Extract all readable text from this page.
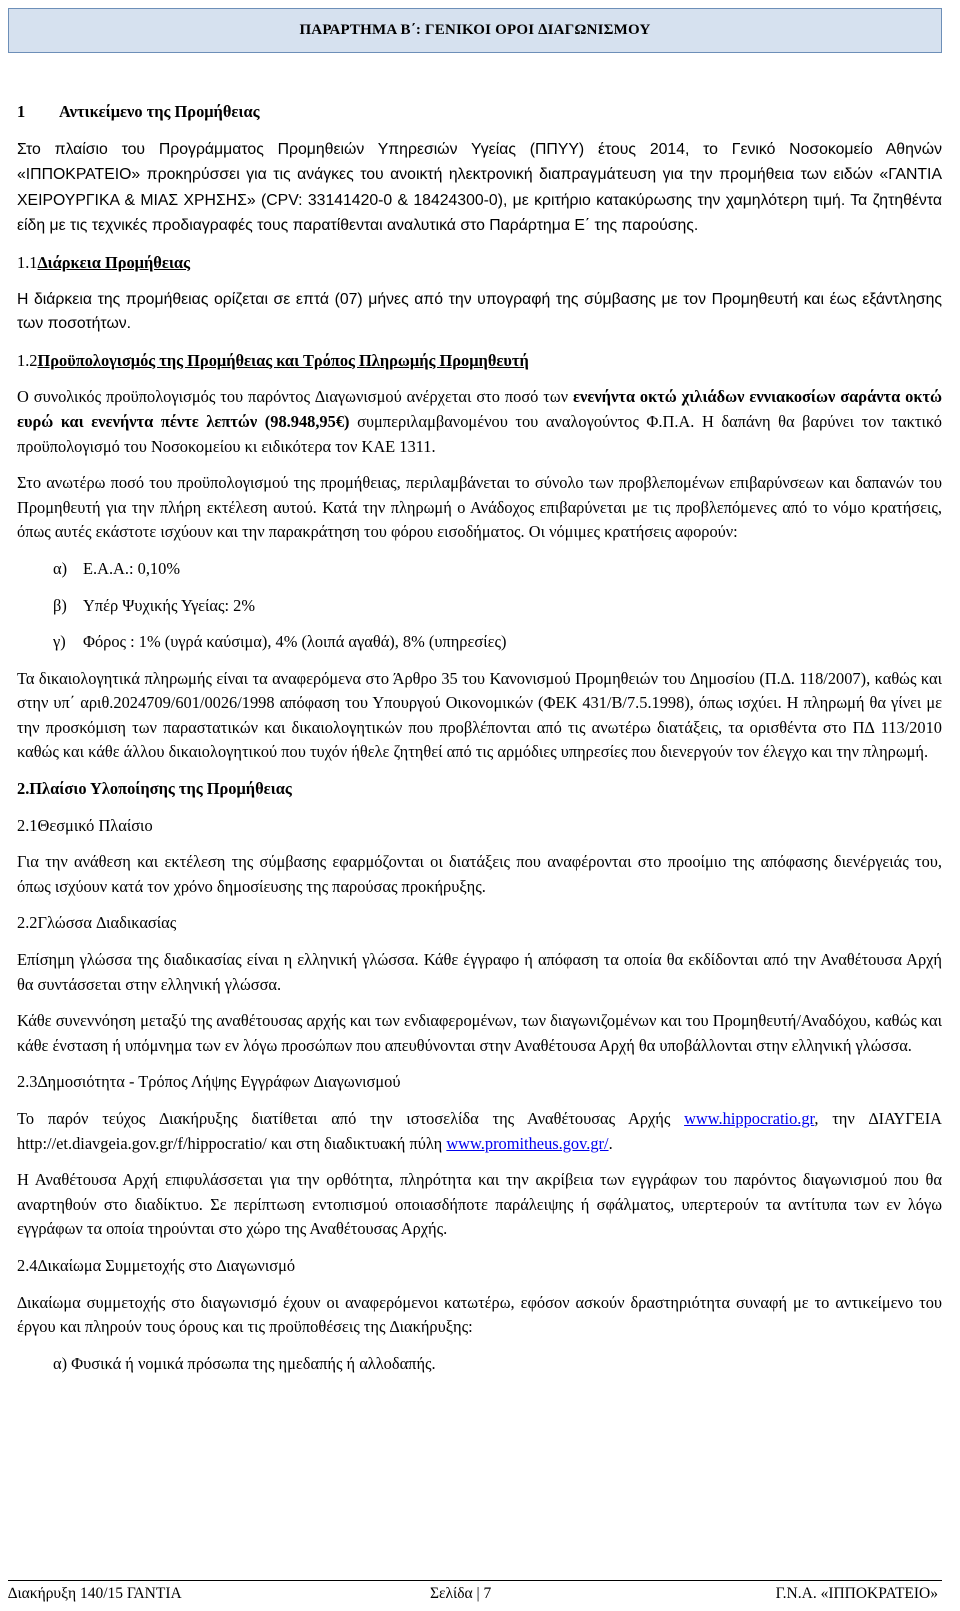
ΠΑΡΑΡΤΗΜΑ Β΄: ΓΕΝΙΚΟΙ ΟΡΟΙ ∆ΙΑΓΩΝΙΣΜΟΥ
1 Αντικείμενο της Προμήθειας

Στο πλαίσιο του Προγράμματος Προμηθειών Υπηρεσιών Υγείας (ΠΠΥΥ) έτους 2014, το Γενικό Νοσοκομείο Αθηνών «ΙΠΠΟΚΡΑΤΕΙΟ» προκηρύσσει για τις ανάγκες του ανοικτή ηλεκτρονική διαπραγμάτευση για την προμήθεια των ειδών «ΓΑΝΤΙΑ ΧΕΙΡΟΥΡΓΙΚΑ & ΜΙΑΣ ΧΡΗΣΗΣ» (CPV: 33141420-0 & 18424300-0), με κριτήριο κατακύρωσης την χαμηλότερη τιμή. Τα ζητηθέντα είδη με τις τεχνικές προδιαγραφές τους παρατίθενται αναλυτικά στο Παράρτημα Ε΄ της παρούσης.

1.1∆ιάρκεια Προμήθειας

Η διάρκεια της προμήθειας ορίζεται σε επτά (07) μήνες από την υπογραφή της σύμβασης με τον Προμηθευτή και έως εξάντλησης των ποσοτήτων.

1.2Προϋπολογισμός της Προμήθειας και Τρόπος Πληρωμής Προμηθευτή

Ο συνολικός προϋπολογισμός του παρόντος ∆ιαγωνισμού ανέρχεται στο ποσό των ενενήντα οκτώ χιλιάδων εννιακοσίων σαράντα οκτώ ευρώ και ενενήντα πέντε λεπτών (98.948,95€) συμπεριλαμβανομένου του αναλογούντος Φ.Π.Α. Η δαπάνη θα βαρύνει τον τακτικό προϋπολογισμό του Νοσοκομείου κι ειδικότερα τον ΚΑΕ 1311.

Στο ανωτέρω ποσό του προϋπολογισμού της προμήθειας, περιλαμβάνεται το σύνολο των προβλεπομένων επιβαρύνσεων και δαπανών του Προμηθευτή για την πλήρη εκτέλεση αυτού. Κατά την πληρωμή ο Ανάδοχος επιβαρύνεται με τις προβλεπόμενες από το νόμο κρατήσεις, όπως αυτές εκάστοτε ισχύουν και την παρακράτηση του φόρου εισοδήματος. Οι νόμιμες κρατήσεις αφορούν:

α) Ε.Α.Α.: 0,10%
β) Υπέρ Ψυχικής Υγείας: 2%
γ) Φόρος : 1% (υγρά καύσιμα), 4% (λοιπά αγαθά), 8% (υπηρεσίες)

Τα δικαιολογητικά πληρωμής είναι τα αναφερόμενα στο Άρθρο 35 του Κανονισμού Προμηθειών του ∆ημοσίου (Π.∆. 118/2007), καθώς και στην υπ΄ αριθ.2024709/601/0026/1998 απόφαση του Υπουργού Οικονομικών (ΦΕΚ 431/Β/7.5.1998), όπως ισχύει. Η πληρωμή θα γίνει με την προσκόμιση των παραστατικών και δικαιολογητικών που προβλέπονται από τις ανωτέρω διατάξεις, τα ορισθέντα στο Π∆ 113/2010 καθώς και κάθε άλλου δικαιολογητικού που τυχόν ήθελε ζητηθεί από τις αρμόδιες υπηρεσίες που διενεργούν τον έλεγχο και την πληρωμή.

2.Πλαίσιο Υλοποίησης της Προμήθειας
2.1Θεσμικό Πλαίσιο

Για την ανάθεση και εκτέλεση της σύμβασης εφαρμόζονται οι διατάξεις που αναφέρονται στο προοίμιο της απόφασης διενέργειάς του, όπως ισχύουν κατά τον χρόνο δημοσίευσης της παρούσας προκήρυξης.

2.2Γλώσσα ∆ιαδικασίας

Επίσημη γλώσσα της διαδικασίας είναι η ελληνική γλώσσα. Κάθε έγγραφο ή απόφαση τα οποία θα εκδίδονται από την Αναθέτουσα Αρχή θα συντάσσεται στην ελληνική γλώσσα.

Κάθε συνεννόηση μεταξύ της αναθέτουσας αρχής και των ενδιαφερομένων, των διαγωνιζομένων και του Προμηθευτή/Αναδόχου, καθώς και κάθε ένσταση ή υπόμνημα των εν λόγω προσώπων που απευθύνονται στην Αναθέτουσα Αρχή θα υποβάλλονται στην ελληνική γλώσσα.

2.3∆ημοσιότητα - Τρόπος Λήψης Εγγράφων ∆ιαγωνισμού

Το παρόν τεύχος ∆ιακήρυξης διατίθεται από την ιστοσελίδα της Αναθέτουσας Αρχής www.hippocratio.gr, την ∆ΙΑΥΓΕΙΑ http://et.diavgeia.gov.gr/f/hippocratio/ και στη διαδικτυακή πύλη www.promitheus.gov.gr/.

Η Αναθέτουσα Αρχή επιφυλάσσεται για την ορθότητα, πληρότητα και την ακρίβεια των εγγράφων του παρόντος διαγωνισμού που θα αναρτηθούν στο διαδίκτυο. Σε περίπτωση εντοπισμού οποιασδήποτε παράλειψης ή σφάλματος, υπερτερούν τα αντίτυπα των εν λόγω εγγράφων τα οποία τηρούνται στο χώρο της Αναθέτουσας Αρχής.

2.4∆ικαίωμα Συμμετοχής στο ∆ιαγωνισμό

∆ικαίωμα συμμετοχής στο διαγωνισμό έχουν οι αναφερόμενοι κατωτέρω, εφόσον ασκούν δραστηριότητα συναφή με το αντικείμενο του έργου και πληρούν τους όρους και τις προϋποθέσεις της ∆ιακήρυξης:

α) Φυσικά ή νομικά πρόσωπα της ημεδαπής ή αλλοδαπής.
∆ιακήρυξη 140/15 ΓΑΝΤΙΑ	Σελίδα | 7	Γ.Ν.Α. «ΙΠΠΟΚΡΑΤΕΙΟ»
